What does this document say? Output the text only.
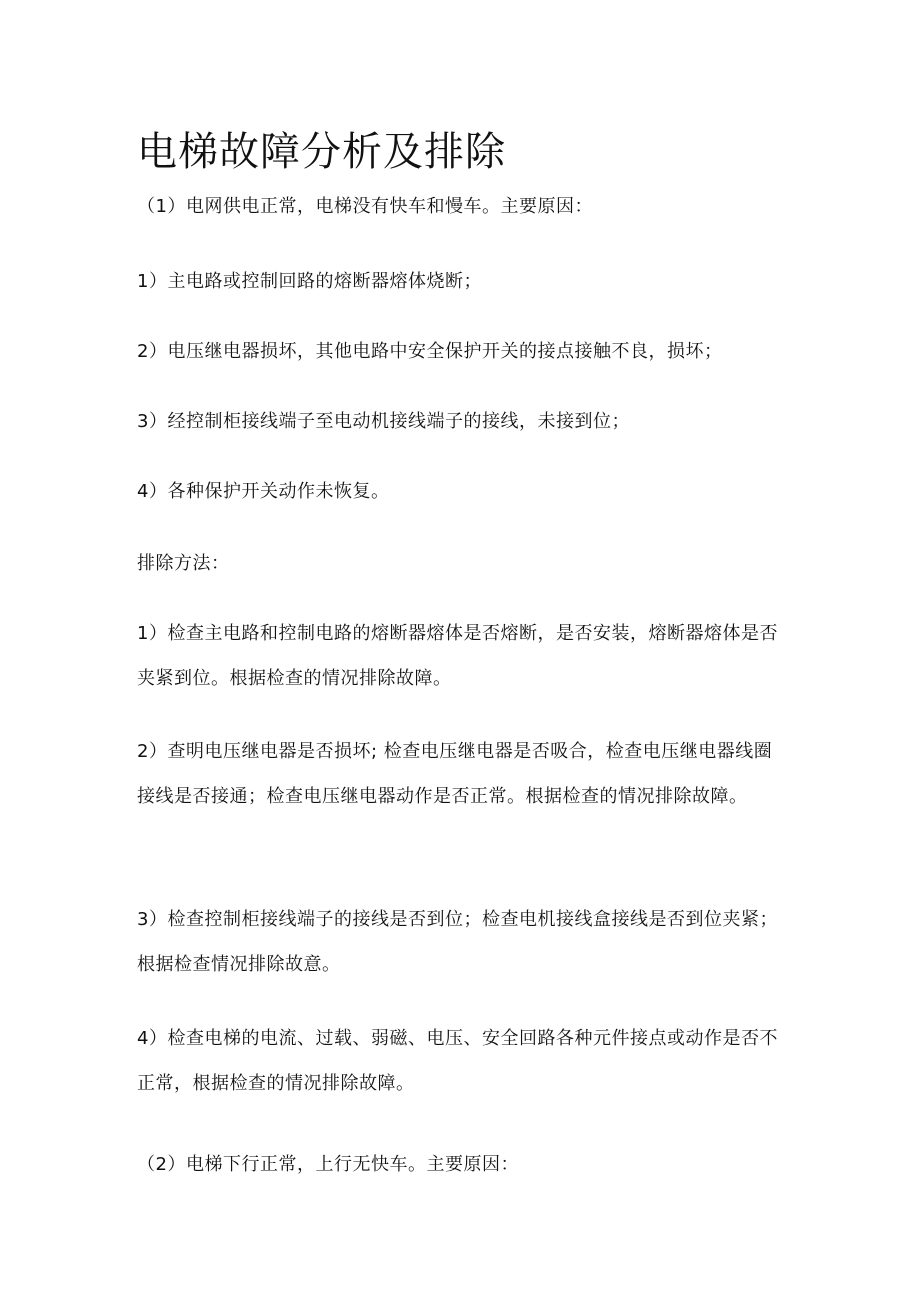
电梯故障分析及排除

（1）电网供电正常，电梯没有快车和慢车。主要原因：

1）主电路或控制回路的熔断器熔体烧断；

2）电压继电器损坏，其他电路中安全保护开关的接点接触不良，损坏；

3）经控制柜接线端子至电动机接线端子的接线，未接到位；

4）各种保护开关动作未恢复。

排除方法：

1）检查主电路和控制电路的熔断器熔体是否熔断，是否安装，熔断器熔体是否夹紧到位。根据检查的情况排除故障。

2）查明电压继电器是否损坏; 检查电压继电器是否吸合，检查电压继电器线圈接线是否接通；检查电压继电器动作是否正常。根据检查的情况排除故障。

3）检查控制柜接线端子的接线是否到位；检查电机接线盒接线是否到位夹紧；根据检查情况排除故意。

4）检查电梯的电流、过载、弱磁、电压、安全回路各种元件接点或动作是否不正常，根据检查的情况排除故障。

（2）电梯下行正常，上行无快车。主要原因：
